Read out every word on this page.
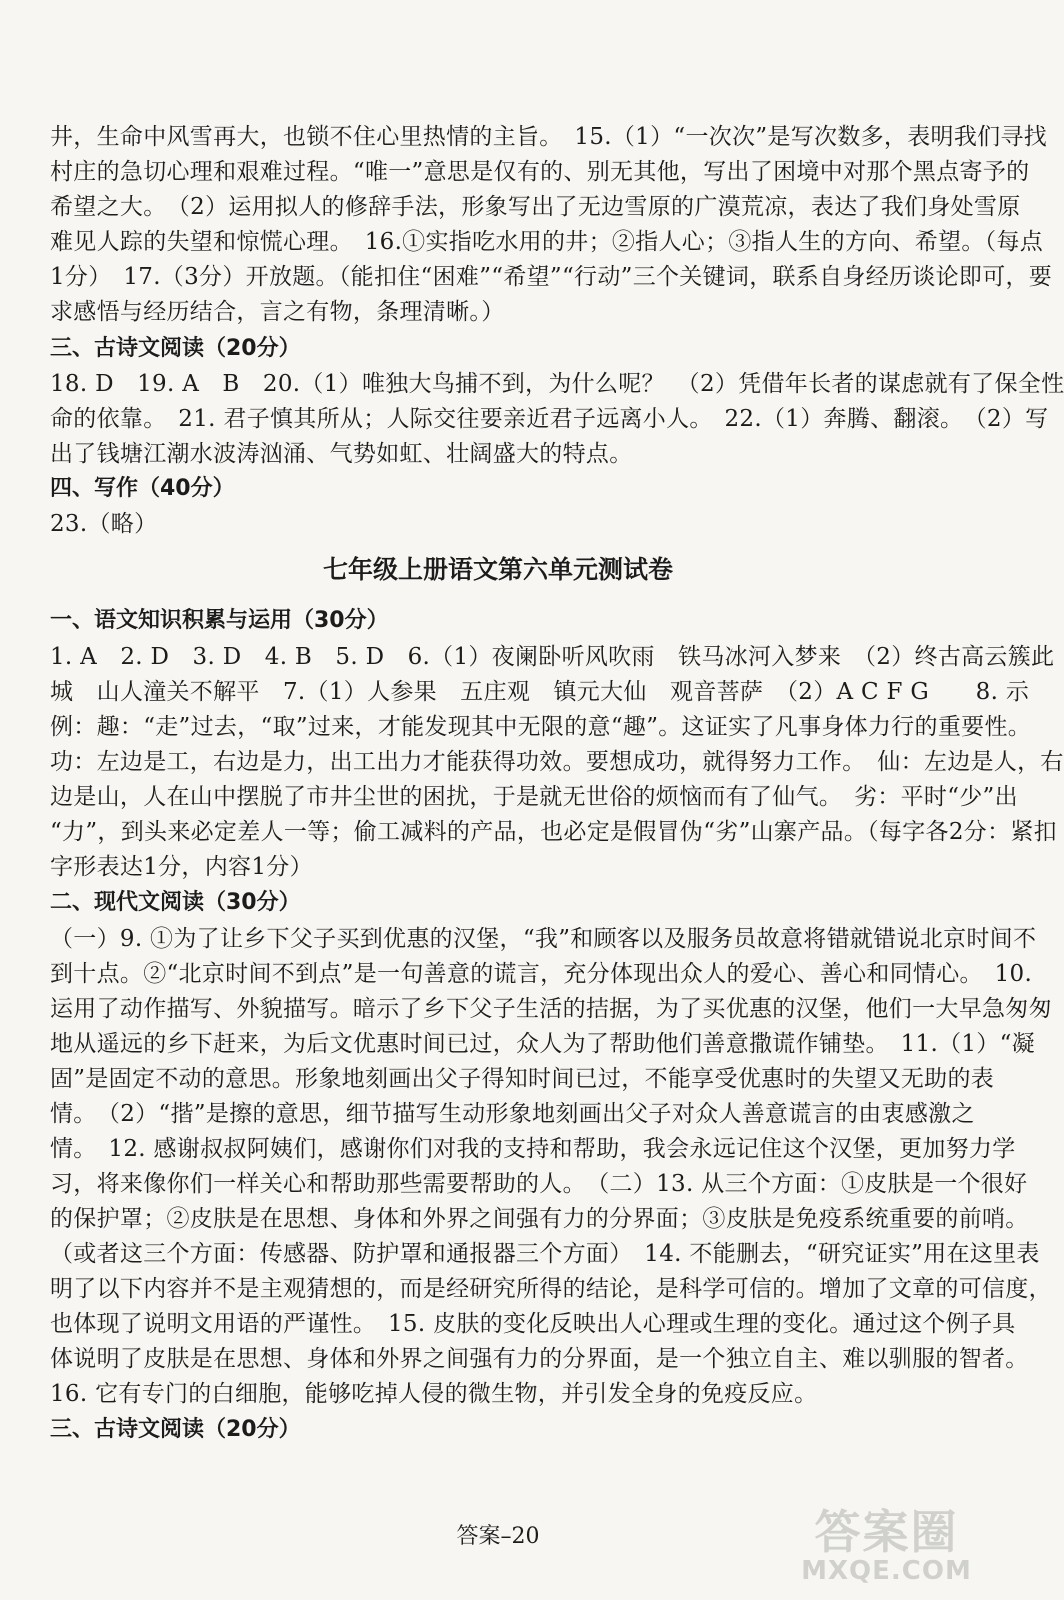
井，生命中风雪再大，也锁不住心里热情的主旨。　15.（1）“一次次”是写次数多，表明我们寻找
村庄的急切心理和艰难过程。“唯一”意思是仅有的、别无其他，写出了困境中对那个黑点寄予的
希望之大。　（2）运用拟人的修辞手法，形象写出了无边雪原的广漠荒凉，表达了我们身处雪原
难见人踪的失望和惊慌心理。　16.①实指吃水用的井；②指人心；③指人生的方向、希望。（每点
1分）　17.（3分）开放题。（能扣住“困难”“希望”“行动”三个关键词，联系自身经历谈论即可，要
求感悟与经历结合，言之有物，条理清晰。）
三、古诗文阅读（20分）
18. D　19. A　B　20.（1）唯独大鸟捕不到，为什么呢？　（2）凭借年长者的谋虑就有了保全性
命的依靠。　21. 君子慎其所从；人际交往要亲近君子远离小人。　22.（1）奔腾、翻滚。　（2）写
出了钱塘江潮水波涛汹涌、气势如虹、壮阔盛大的特点。
四、写作（40分）
23.（略）
七年级上册语文第六单元测试卷
一、语文知识积累与运用（30分）
1. A　2. D　3. D　4. B　5. D　6.（1）夜阑卧听风吹雨　铁马冰河入梦来　（2）终古高云簇此
城　山人潼关不解平　7.（1）人参果　五庄观　镇元大仙　观音菩萨　（2）A C F G　　8. 示
例：趣：“走”过去，“取”过来，才能发现其中无限的意“趣”。这证实了凡事身体力行的重要性。
功：左边是工，右边是力，出工出力才能获得功效。要想成功，就得努力工作。　仙：左边是人，右
边是山，人在山中摆脱了市井尘世的困扰，于是就无世俗的烦恼而有了仙气。　劣：平时“少”出
“力”，到头来必定差人一等；偷工减料的产品，也必定是假冒伪“劣”山寨产品。（每字各2分：紧扣
字形表达1分，内容1分）
二、现代文阅读（30分）
（一）9. ①为了让乡下父子买到优惠的汉堡，“我”和顾客以及服务员故意将错就错说北京时间不
到十点。②“北京时间不到点”是一句善意的谎言，充分体现出众人的爱心、善心和同情心。　10.
运用了动作描写、外貌描写。暗示了乡下父子生活的拮据，为了买优惠的汉堡，他们一大早急匆匆
地从遥远的乡下赶来，为后文优惠时间已过，众人为了帮助他们善意撒谎作铺垫。　11.（1）“凝
固”是固定不动的意思。形象地刻画出父子得知时间已过，不能享受优惠时的失望又无助的表
情。　（2）“揩”是擦的意思，细节描写生动形象地刻画出父子对众人善意谎言的由衷感激之
情。　12. 感谢叔叔阿姨们，感谢你们对我的支持和帮助，我会永远记住这个汉堡，更加努力学
习，将来像你们一样关心和帮助那些需要帮助的人。　（二）13. 从三个方面：①皮肤是一个很好
的保护罩；②皮肤是在思想、身体和外界之间强有力的分界面；③皮肤是免疫系统重要的前哨。
（或者这三个方面：传感器、防护罩和通报器三个方面）　14. 不能删去，“研究证实”用在这里表
明了以下内容并不是主观猜想的，而是经研究所得的结论，是科学可信的。增加了文章的可信度，
也体现了说明文用语的严谨性。　15. 皮肤的变化反映出人心理或生理的变化。通过这个例子具
体说明了皮肤是在思想、身体和外界之间强有力的分界面，是一个独立自主、难以驯服的智者。
16. 它有专门的白细胞，能够吃掉人侵的微生物，并引发全身的免疫反应。
三、古诗文阅读（20分）
答案–20	答案圈
MXQE.COM
